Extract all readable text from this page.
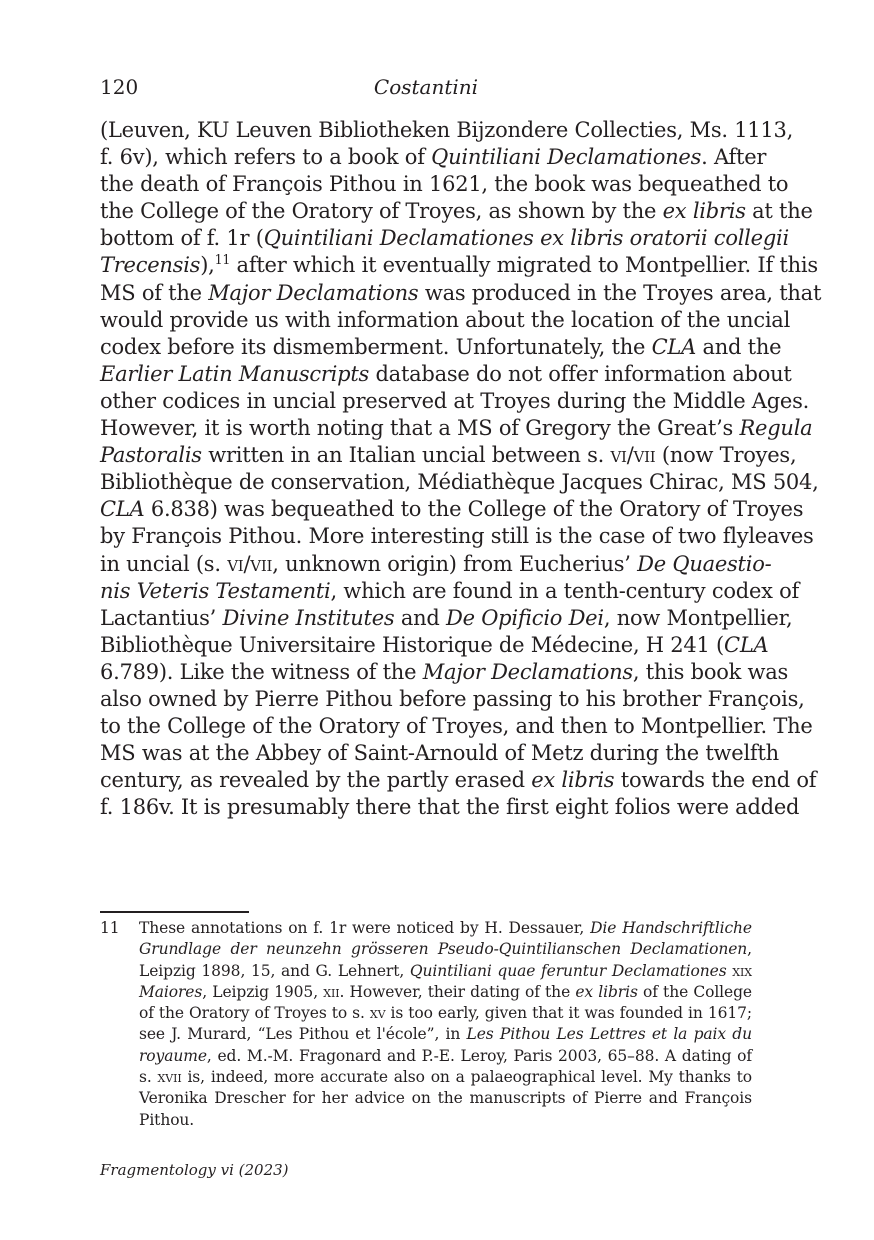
120	Costantini
(Leuven, KU Leuven Bibliotheken Bijzondere Collecties, Ms. 1113,
f. 6v), which refers to a book of Quintiliani Declamationes. After
the death of François Pithou in 1621, the book was bequeathed to
the College of the Oratory of Troyes, as shown by the ex libris at the
bottom of f. 1r (Quintiliani Declamationes ex libris oratorii collegii
Trecensis),$^{11}$ after which it eventually migrated to Montpellier. If this
MS of the Major Declamations was produced in the Troyes area, that
would provide us with information about the location of the uncial
codex before its dismemberment. Unfortunately, the CLA and the
Earlier Latin Manuscripts database do not offer information about
other codices in uncial preserved at Troyes during the Middle Ages.
However, it is worth noting that a MS of Gregory the Great’s Regula
Pastoralis written in an Italian uncial between s. vi/vii (now Troyes,
Bibliothèque de conservation, Médiathèque Jacques Chirac, MS 504,
CLA 6.838) was bequeathed to the College of the Oratory of Troyes
by François Pithou. More interesting still is the case of two flyleaves
in uncial (s. vi/vii, unknown origin) from Eucherius’ De Quaestio-
nis Veteris Testamenti, which are found in a tenth-century codex of
Lactantius’ Divine Institutes and De Opificio Dei, now Montpellier,
Bibliothèque Universitaire Historique de Médecine, H 241 (CLA
6.789). Like the witness of the Major Declamations, this book was
also owned by Pierre Pithou before passing to his brother François,
to the College of the Oratory of Troyes, and then to Montpellier. The
MS was at the Abbey of Saint-Arnould of Metz during the twelfth
century, as revealed by the partly erased ex libris towards the end of
f. 186v. It is presumably there that the first eight folios were added
11 These annotations on f. 1r were noticed by H. Dessauer, Die Handschriftliche
Grundlage der neunzehn grösseren Pseudo-Quintilianschen Declamationen,
Leipzig 1898, 15, and G. Lehnert, Quintiliani quae feruntur Declamationes xix
Maiores, Leipzig 1905, xii. However, their dating of the ex libris of the College
of the Oratory of Troyes to s. xv is too early, given that it was founded in 1617;
see J. Murard, “Les Pithou et l'école”, in Les Pithou Les Lettres et la paix du
royaume, ed. M.-M. Fragonard and P.-E. Leroy, Paris 2003, 65–88. A dating of
s. xvii is, indeed, more accurate also on a palaeographical level. My thanks to
Veronika Drescher for her advice on the manuscripts of Pierre and François
Pithou.
Fragmentology vi (2023)
